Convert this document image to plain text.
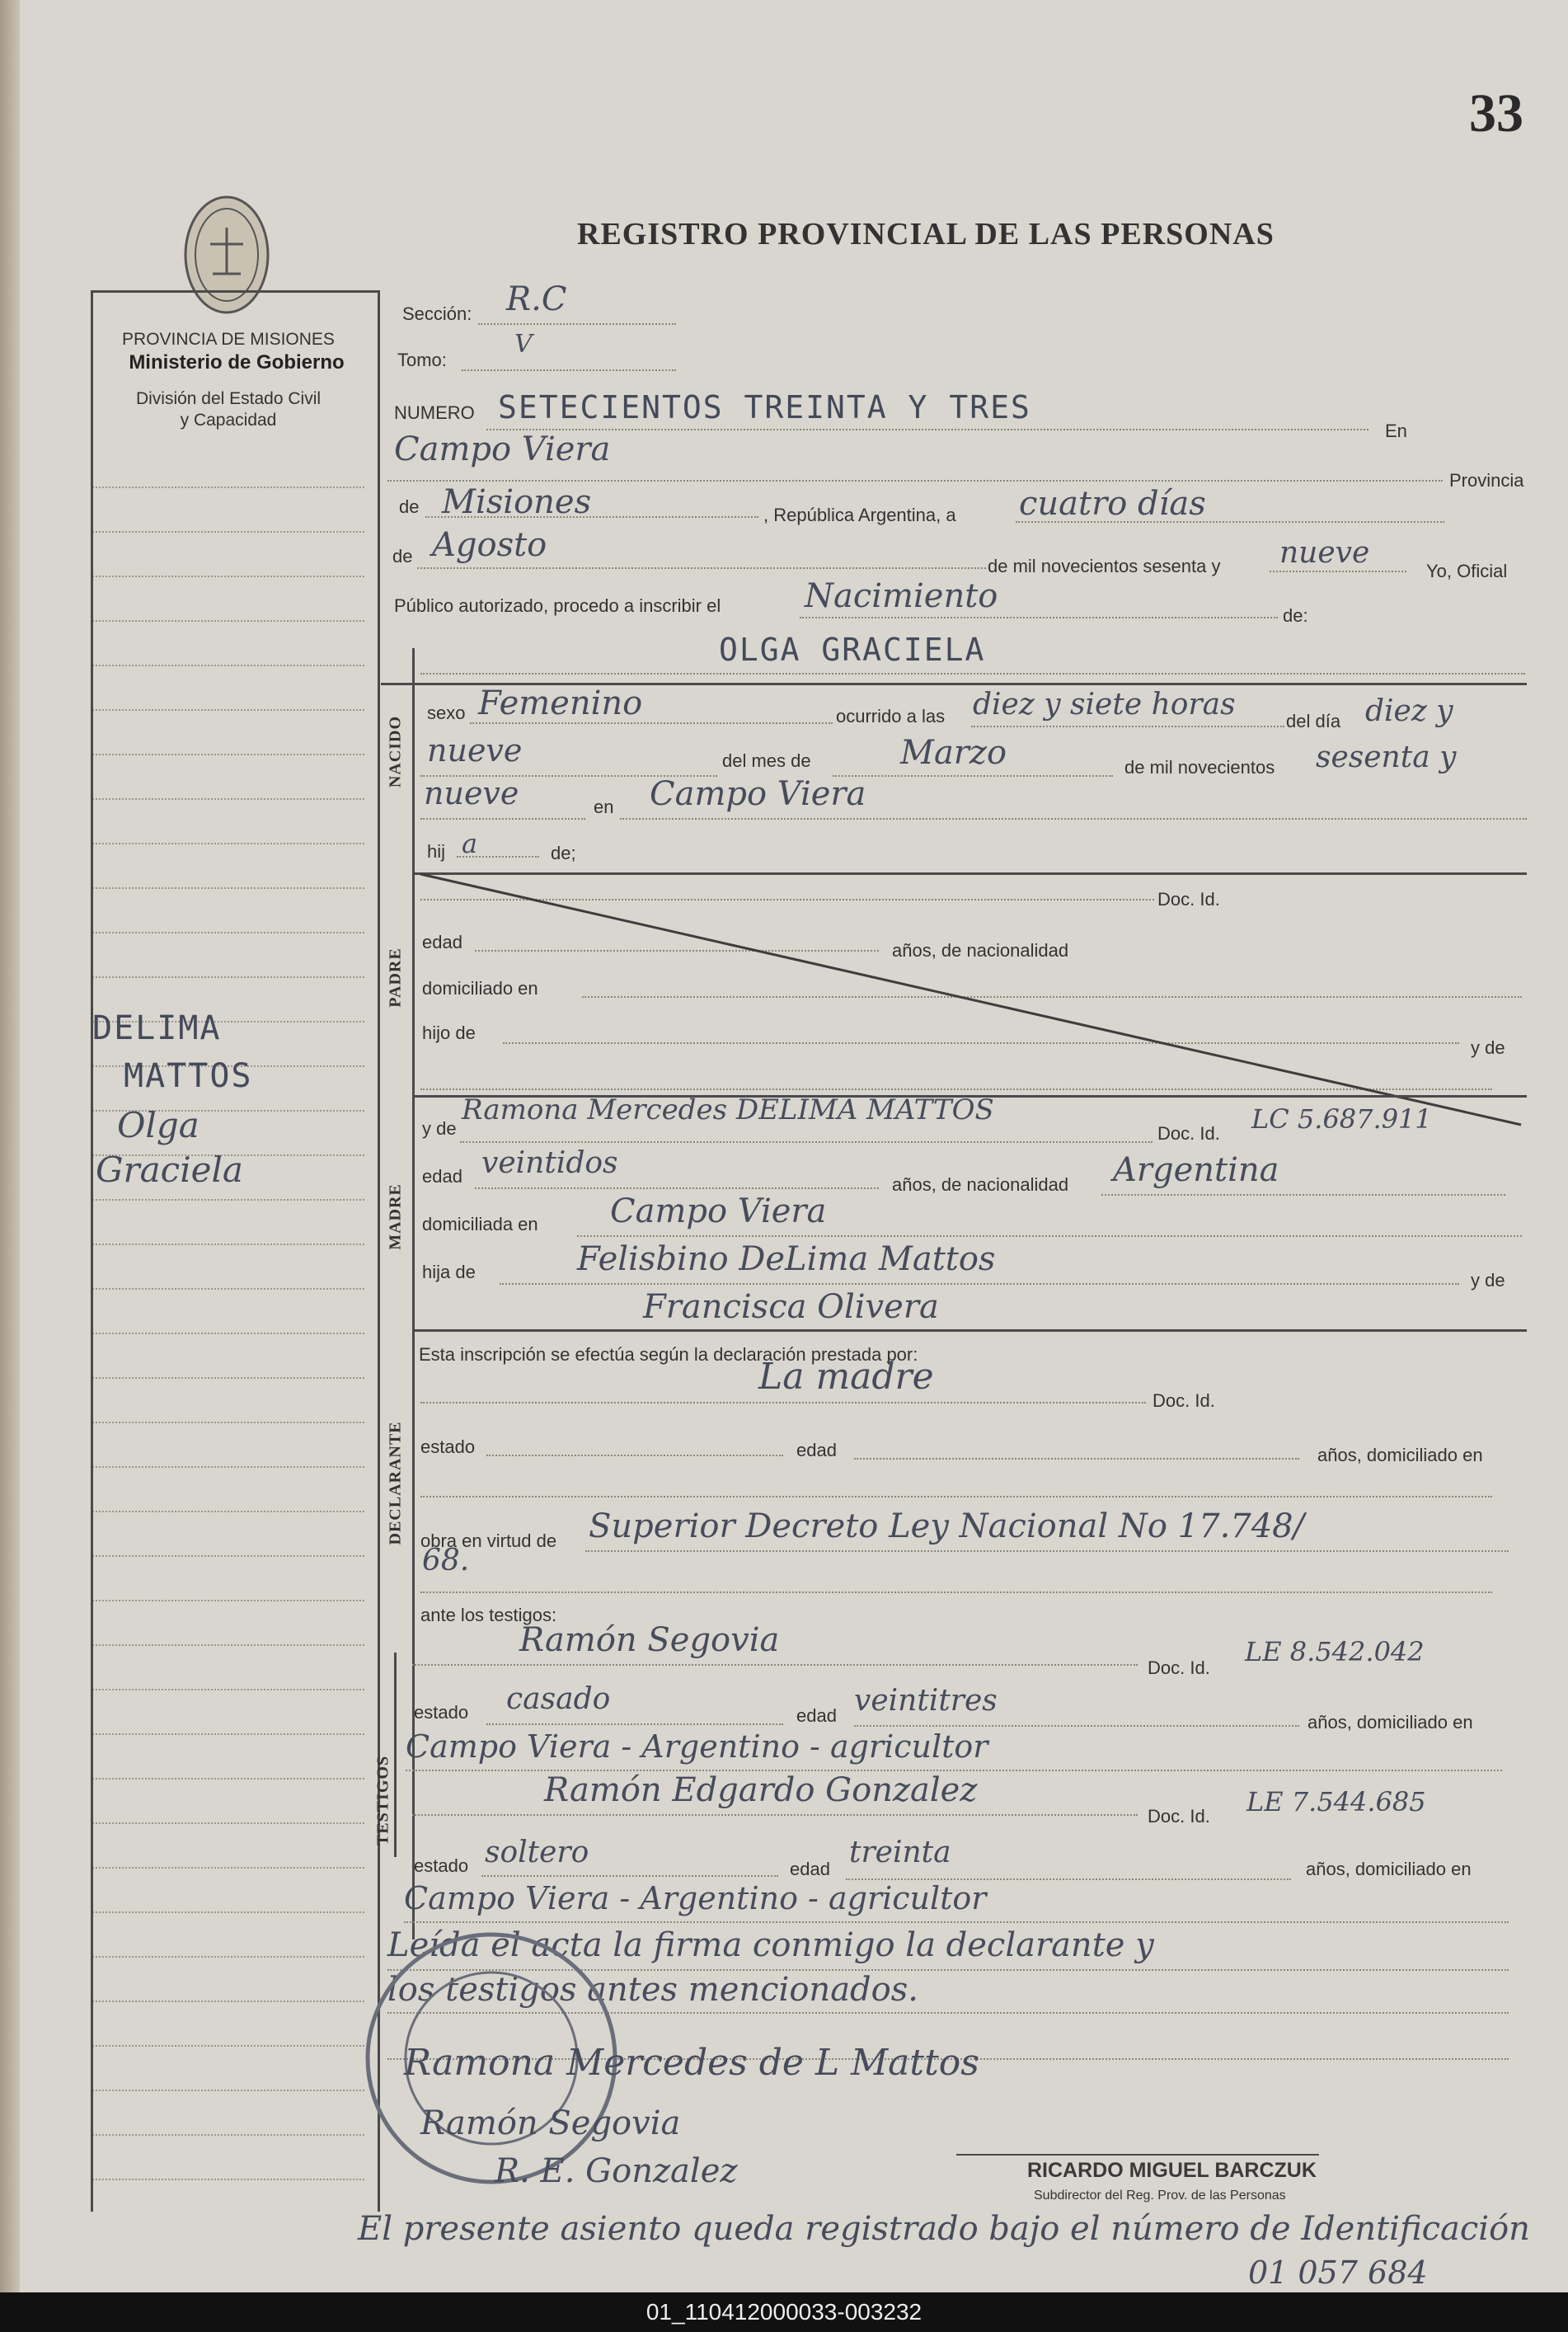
33
REGISTRO PROVINCIAL DE LAS PERSONAS
PROVINCIA DE MISIONES
Ministerio de Gobierno
División del Estado Civil
y Capacidad
Sección: R.C
Tomo:
V
NUMERO SETECIENTOS TREINTA Y TRES
En
Campo Viera
Provincia
de Misiones	, República Argentina, a cuatro días
de Agosto
de mil novecientos sesenta y nueve
Yo, Oficial
Público autorizado, procedo a inscribir el	Nacimiento
de:
OLGA GRACIELA
NACIDO
sexo Femenino	ocurrido a las diez y siete horas	del día diez y
nueve	del mes de	Marzo	de mil novecientos sesenta y
nueve	en Campo Viera
hij a	de;
PADRE
Doc. Id.
edad	años, de nacionalidad
domiciliado en
hijo de
y de
MADRE
y de
Ramona Mercedes DELIMA MATTOS
Doc. Id. LC 5.687.911
edad veintidos
años, de nacionalidad Argentina
domiciliada en Campo Viera
hija de	Felisbino DeLima Mattos
y de
Francisca Olivera
Esta inscripción se efectúa según la declaración prestada por:
DECLARANTE
La madre
Doc. Id.
estado	edad	años, domiciliado en
obra en virtud de Superior Decreto Ley Nacional No 17.748/
68.
ante los testigos:
TESTIGOS
Ramón Segovia
Doc. Id.
LE 8.542.042
estado casado	edad veintitres
años, domiciliado en
Campo Viera - Argentino - agricultor
Ramón Edgardo Gonzalez
Doc. Id. LE 7.544.685
estado soltero	edad treinta	años, domiciliado en
Campo Viera - Argentino - agricultor
Leída el acta la firma conmigo la declarante y
los testigos antes mencionados.
Ramona Mercedes de L Mattos
Ramón Segovia
R. E. Gonzalez	RICARDO MIGUEL BARCZUK
Subdirector del Reg. Prov. de las Personas
El presente asiento queda registrado bajo el número de Identificación
01 057 684
DELIMA
MATTOS
Olga
Graciela
01_110412000033-003232
